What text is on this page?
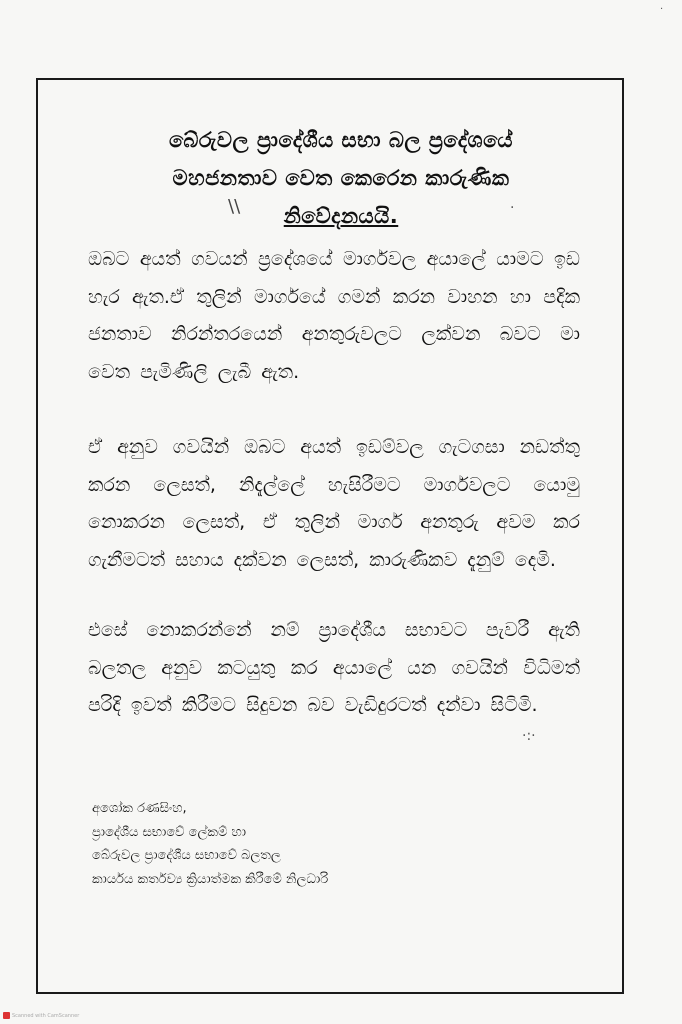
බේරුවල ප්‍රාදේශීය සභා බල ප්‍රදේශයේ
මහජනතාව වෙත කෙරෙන කාරුණික
නිවේදනයයි.
\\	·
·:·
·

ඔබට අයත් ගවයන් ප්‍රදේශයේ මාර්ගවල අයාලේ යාමට ඉඩ හැර ඇත.ඒ තුලින් මාර්ගයේ ගමන් කරන වාහන හා පදික ජනතාව නිරන්තරයෙන් අනතුරුවලට ලක්වන බවට මා වෙත පැමිණිලි ලැබී ඇත.

ඒ අනුව ගවයින් ඔබට අයත් ඉඩම්වල ගැටගසා නඩත්තු කරන ලෙසත්, නිදැල්ලේ හැසිරීමට මාර්ගවලට යොමු නොකරන ලෙසත්, ඒ තුලින් මාර්ග අනතුරු අවම කර ගැනීමටත් සහාය දක්වන ලෙසත්, කාරුණිකව දැනුම් දෙමි.

එසේ නොකරන්නේ නම් ප්‍රාදේශීය සභාවට පැවරී ඇති බලතල අනුව කටයුතු කර අයාලේ යන ගවයින් විධිමත් පරිදි ඉවත් කිරීමට සිදුවන බව වැඩිදුරටත් දන්වා සිටිමි.

අශෝක රණසිංහ,
ප්‍රාදේශීය සභාවේ ලේකම් හා
බේරුවල ප්‍රාදේශීය සභාවේ බලතල
කාර්යය කර්තව්‍ය ක්‍රියාත්මක කිරීමේ නිලධාරි
Scanned with CamScanner
